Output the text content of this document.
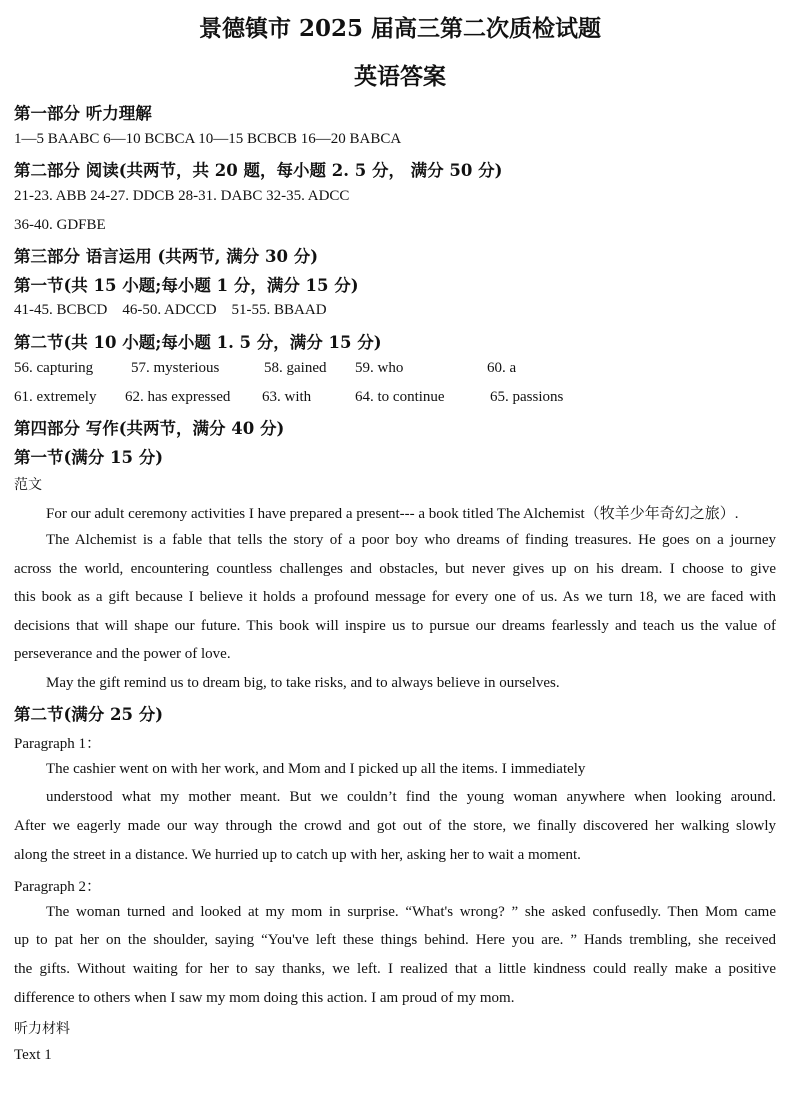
景德镇市 2025 届高三第二次质检试题
英语答案
第一部分 听力理解
1—5 BAABC 6—10 BCBCA 10—15 BCBCB 16—20 BABCA
第二部分 阅读(共两节，共 20 题，每小题 2. 5 分， 满分 50 分)
21-23. ABB 24-27. DDCB 28-31. DABC 32-35. ADCC
36-40. GDFBE
第三部分 语言运用 (共两节, 满分 30 分)
第一节(共 15 小题;每小题 1 分，满分 15 分)
41-45. BCBCD    46-50. ADCCD    51-55. BBAAD
第二节(共 10 小题;每小题 1. 5 分，满分 15 分)
56. capturing	57. mysterious	58. gained 59. who	60. a
61. extremely 62. has expressed 63. with	64. to continue	65. passions
第四部分 写作(共两节，满分 40 分)
第一节(满分 15 分)
范文
For our adult ceremony activities I have prepared a present--- a book titled The Alchemist（牧羊少年奇幻之旅）.
The Alchemist is a fable that tells the story of a poor boy who dreams of finding treasures. He goes on a journey
across the world, encountering countless challenges and obstacles, but never gives up on his dream. I choose to give
this book as a gift because I believe it holds a profound message for every one of us. As we turn 18, we are faced with
decisions that will shape our future. This book will inspire us to pursue our dreams fearlessly and teach us the value of
perseverance and the power of love.
May the gift remind us to dream big, to take risks, and to always believe in ourselves.
第二节(满分 25 分)
Paragraph 1：
The cashier went on with her work, and Mom and I picked up all the items. I immediately
understood what my mother meant. But we couldn’t find the young woman anywhere when looking around.
After we eagerly made our way through the crowd and got out of the store, we finally discovered her walking slowly
along the street in a distance. We hurried up to catch up with her, asking her to wait a moment.
Paragraph 2：
The woman turned and looked at my mom in surprise. “What's wrong? ” she asked confusedly. Then Mom came
up to pat her on the shoulder, saying “You've left these things behind. Here you are. ” Hands trembling, she received
the gifts. Without waiting for her to say thanks, we left. I realized that a little kindness could really make a positive
difference to others when I saw my mom doing this action. I am proud of my mom.
听力材料
Text 1
